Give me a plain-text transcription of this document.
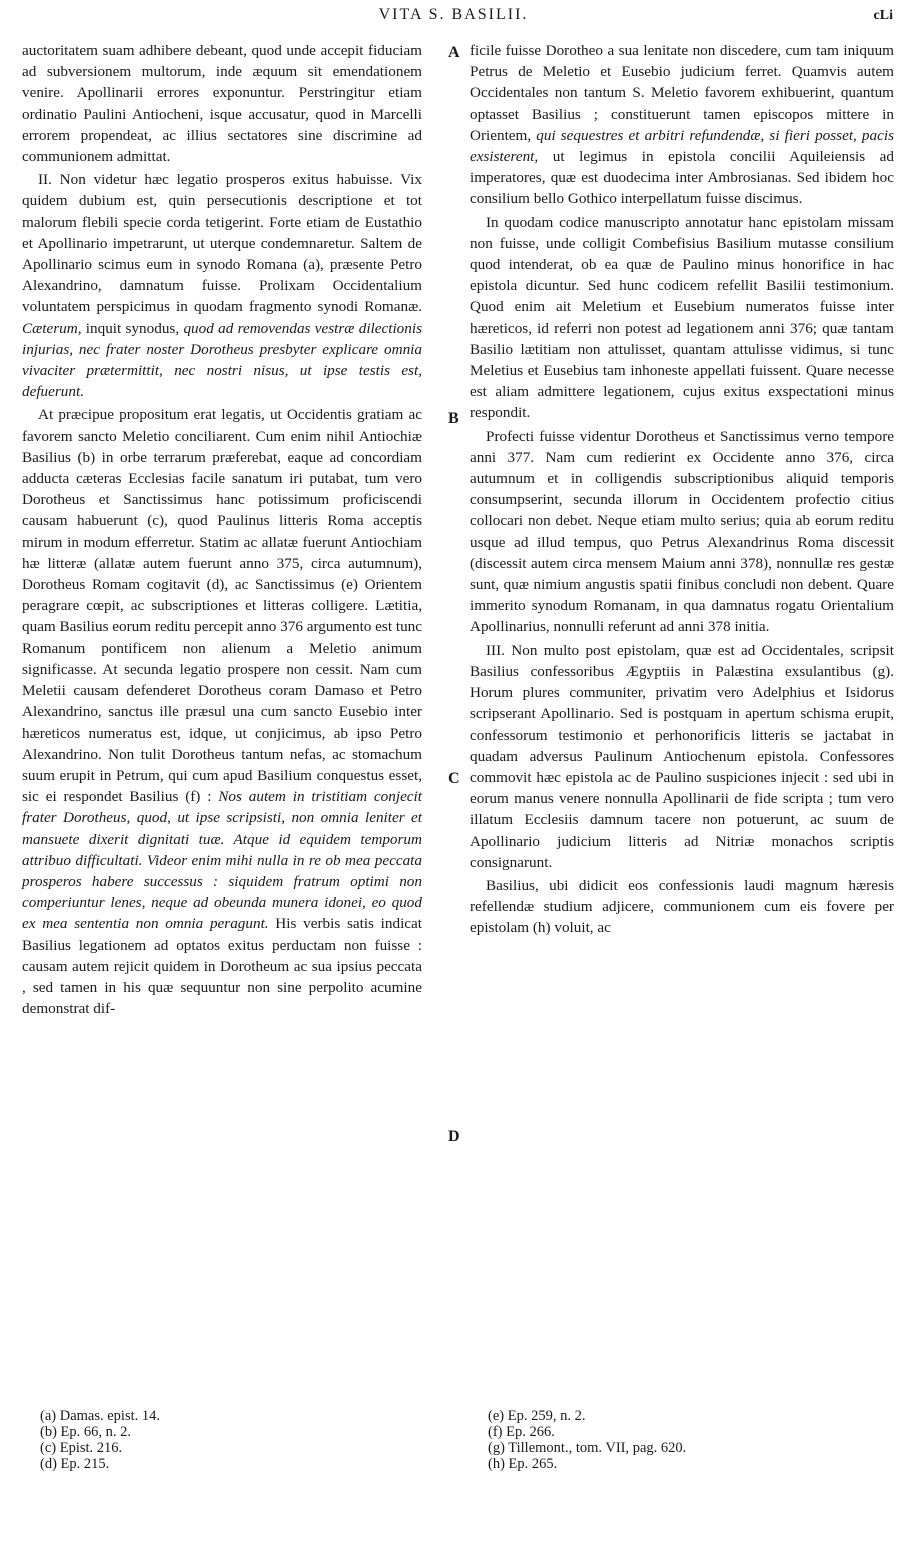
VITA S. BASILII.	cLi
A
B
C
D

auctoritatem suam adhibere debeant, quod unde accepit fiduciam ad subversionem multorum, inde æquum sit emendationem venire. Apollinarii errores exponuntur. Perstringitur etiam ordinatio Paulini Antiocheni, isque accusatur, quod in Marcelli errorem propendeat, ac illius sectatores sine discrimine ad communionem admittat.

II. Non videtur hæc legatio prosperos exitus habuisse. Vix quidem dubium est, quin persecutionis descriptione et tot malorum flebili specie corda tetigerint. Forte etiam de Eustathio et Apollinario impetrarunt, ut uterque condemnaretur. Saltem de Apollinario scimus eum in synodo Romana (a), præsente Petro Alexandrino, damnatum fuisse. Prolixam Occidentalium voluntatem perspicimus in quodam fragmento synodi Romanæ. Cæterum, inquit synodus, quod ad removendas vestræ dilectionis injurias, nec frater noster Dorotheus presbyter explicare omnia vivaciter prætermittit, nec nostri nisus, ut ipse testis est, defuerunt.

At præcipue propositum erat legatis, ut Occidentis gratiam ac favorem sancto Meletio conciliarent. Cum enim nihil Antiochiæ Basilius (b) in orbe terrarum præferebat, eaque ad concordiam adducta cæteras Ecclesias facile sanatum iri putabat, tum vero Dorotheus et Sanctissimus hanc potissimum proficiscendi causam habuerunt (c), quod Paulinus litteris Roma acceptis mirum in modum efferretur. Statim ac allatæ fuerunt Antiochiam hæ litteræ (allatæ autem fuerunt anno 375, circa autumnum), Dorotheus Romam cogitavit (d), ac Sanctissimus (e) Orientem peragrare cœpit, ac subscriptiones et litteras colligere. Lætitia, quam Basilius eorum reditu percepit anno 376 argumento est tunc Romanum pontificem non alienum a Meletio animum significasse. At secunda legatio prospere non cessit. Nam cum Meletii causam defenderet Dorotheus coram Damaso et Petro Alexandrino, sanctus ille præsul una cum sancto Eusebio inter hæreticos numeratus est, idque, ut conjicimus, ab ipso Petro Alexandrino. Non tulit Dorotheus tantum nefas, ac stomachum suum erupit in Petrum, qui cum apud Basilium conquestus esset, sic ei respondet Basilius (f) : Nos autem in tristitiam conjecit frater Dorotheus, quod, ut ipse scripsisti, non omnia leniter et mansuete dixerit dignitati tuæ. Atque id equidem temporum attribuo difficultati. Videor enim mihi nulla in re ob mea peccata prosperos habere successus : siquidem fratrum optimi non comperiuntur lenes, neque ad obeunda munera idonei, eo quod ex mea sententia non omnia peragunt. His verbis satis indicat Basilius legationem ad optatos exitus perductam non fuisse : causam autem rejicit quidem in Dorotheum ac sua ipsius peccata , sed tamen in his quæ sequuntur non sine perpolito acumine demonstrat dif-

ficile fuisse Dorotheo a sua lenitate non discedere, cum tam iniquum Petrus de Meletio et Eusebio judicium ferret. Quamvis autem Occidentales non tantum S. Meletio favorem exhibuerint, quantum optasset Basilius ; constituerunt tamen episcopos mittere in Orientem, qui sequestres et arbitri refundendæ, si fieri posset, pacis exsisterent, ut legimus in epistola concilii Aquileiensis ad imperatores, quæ est duodecima inter Ambrosianas. Sed ibidem hoc consilium bello Gothico interpellatum fuisse discimus.

In quodam codice manuscripto annotatur hanc epistolam missam non fuisse, unde colligit Combefisius Basilium mutasse consilium quod intenderat, ob ea quæ de Paulino minus honorifice in hac epistola dicuntur. Sed hunc codicem refellit Basilii testimonium. Quod enim ait Meletium et Eusebium numeratos fuisse inter hæreticos, id referri non potest ad legationem anni 376; quæ tantam Basilio lætitiam non attulisset, quantam attulisse vidimus, si tunc Meletius et Eusebius tam inhoneste appellati fuissent. Quare necesse est aliam admittere legationem, cujus exitus exspectationi minus respondit.

Profecti fuisse videntur Dorotheus et Sanctissimus verno tempore anni 377. Nam cum redierint ex Occidente anno 376, circa autumnum et in colligendis subscriptionibus aliquid temporis consumpserint, secunda illorum in Occidentem profectio citius collocari non debet. Neque etiam multo serius; quia ab eorum reditu usque ad illud tempus, quo Petrus Alexandrinus Roma discessit (discessit autem circa mensem Maium anni 378), nonnullæ res gestæ sunt, quæ nimium angustis spatii finibus concludi non debent. Quare immerito synodum Romanam, in qua damnatus rogatu Orientalium Apollinarius, nonnulli referunt ad anni 378 initia.

III. Non multo post epistolam, quæ est ad Occidentales, scripsit Basilius confessoribus Ægyptiis in Palæstina exsulantibus (g). Horum plures communiter, privatim vero Adelphius et Isidorus scripserant Apollinario. Sed is postquam in apertum schisma erupit, confessorum testimonio et perhonorificis litteris se jactabat in quadam adversus Paulinum Antiochenum epistola. Confessores commovit hæc epistola ac de Paulino suspiciones injecit : sed ubi in eorum manus venere nonnulla Apollinarii de fide scripta ; tum vero illatum Ecclesiis damnum tacere non potuerunt, ac suum de Apollinario judicium litteris ad Nitriæ monachos scriptis consignarunt.

Basilius, ubi didicit eos confessionis laudi magnum hæresis refellendæ studium adjicere, communionem cum eis fovere per epistolam (h) voluit, ac

(a) Damas. epist. 14.
(b) Ep. 66, n. 2.
(c) Epist. 216.
(d) Ep. 215.
(e) Ep. 259, n. 2.
(f) Ep. 266.
(g) Tillemont., tom. VII, pag. 620.
(h) Ep. 265.
